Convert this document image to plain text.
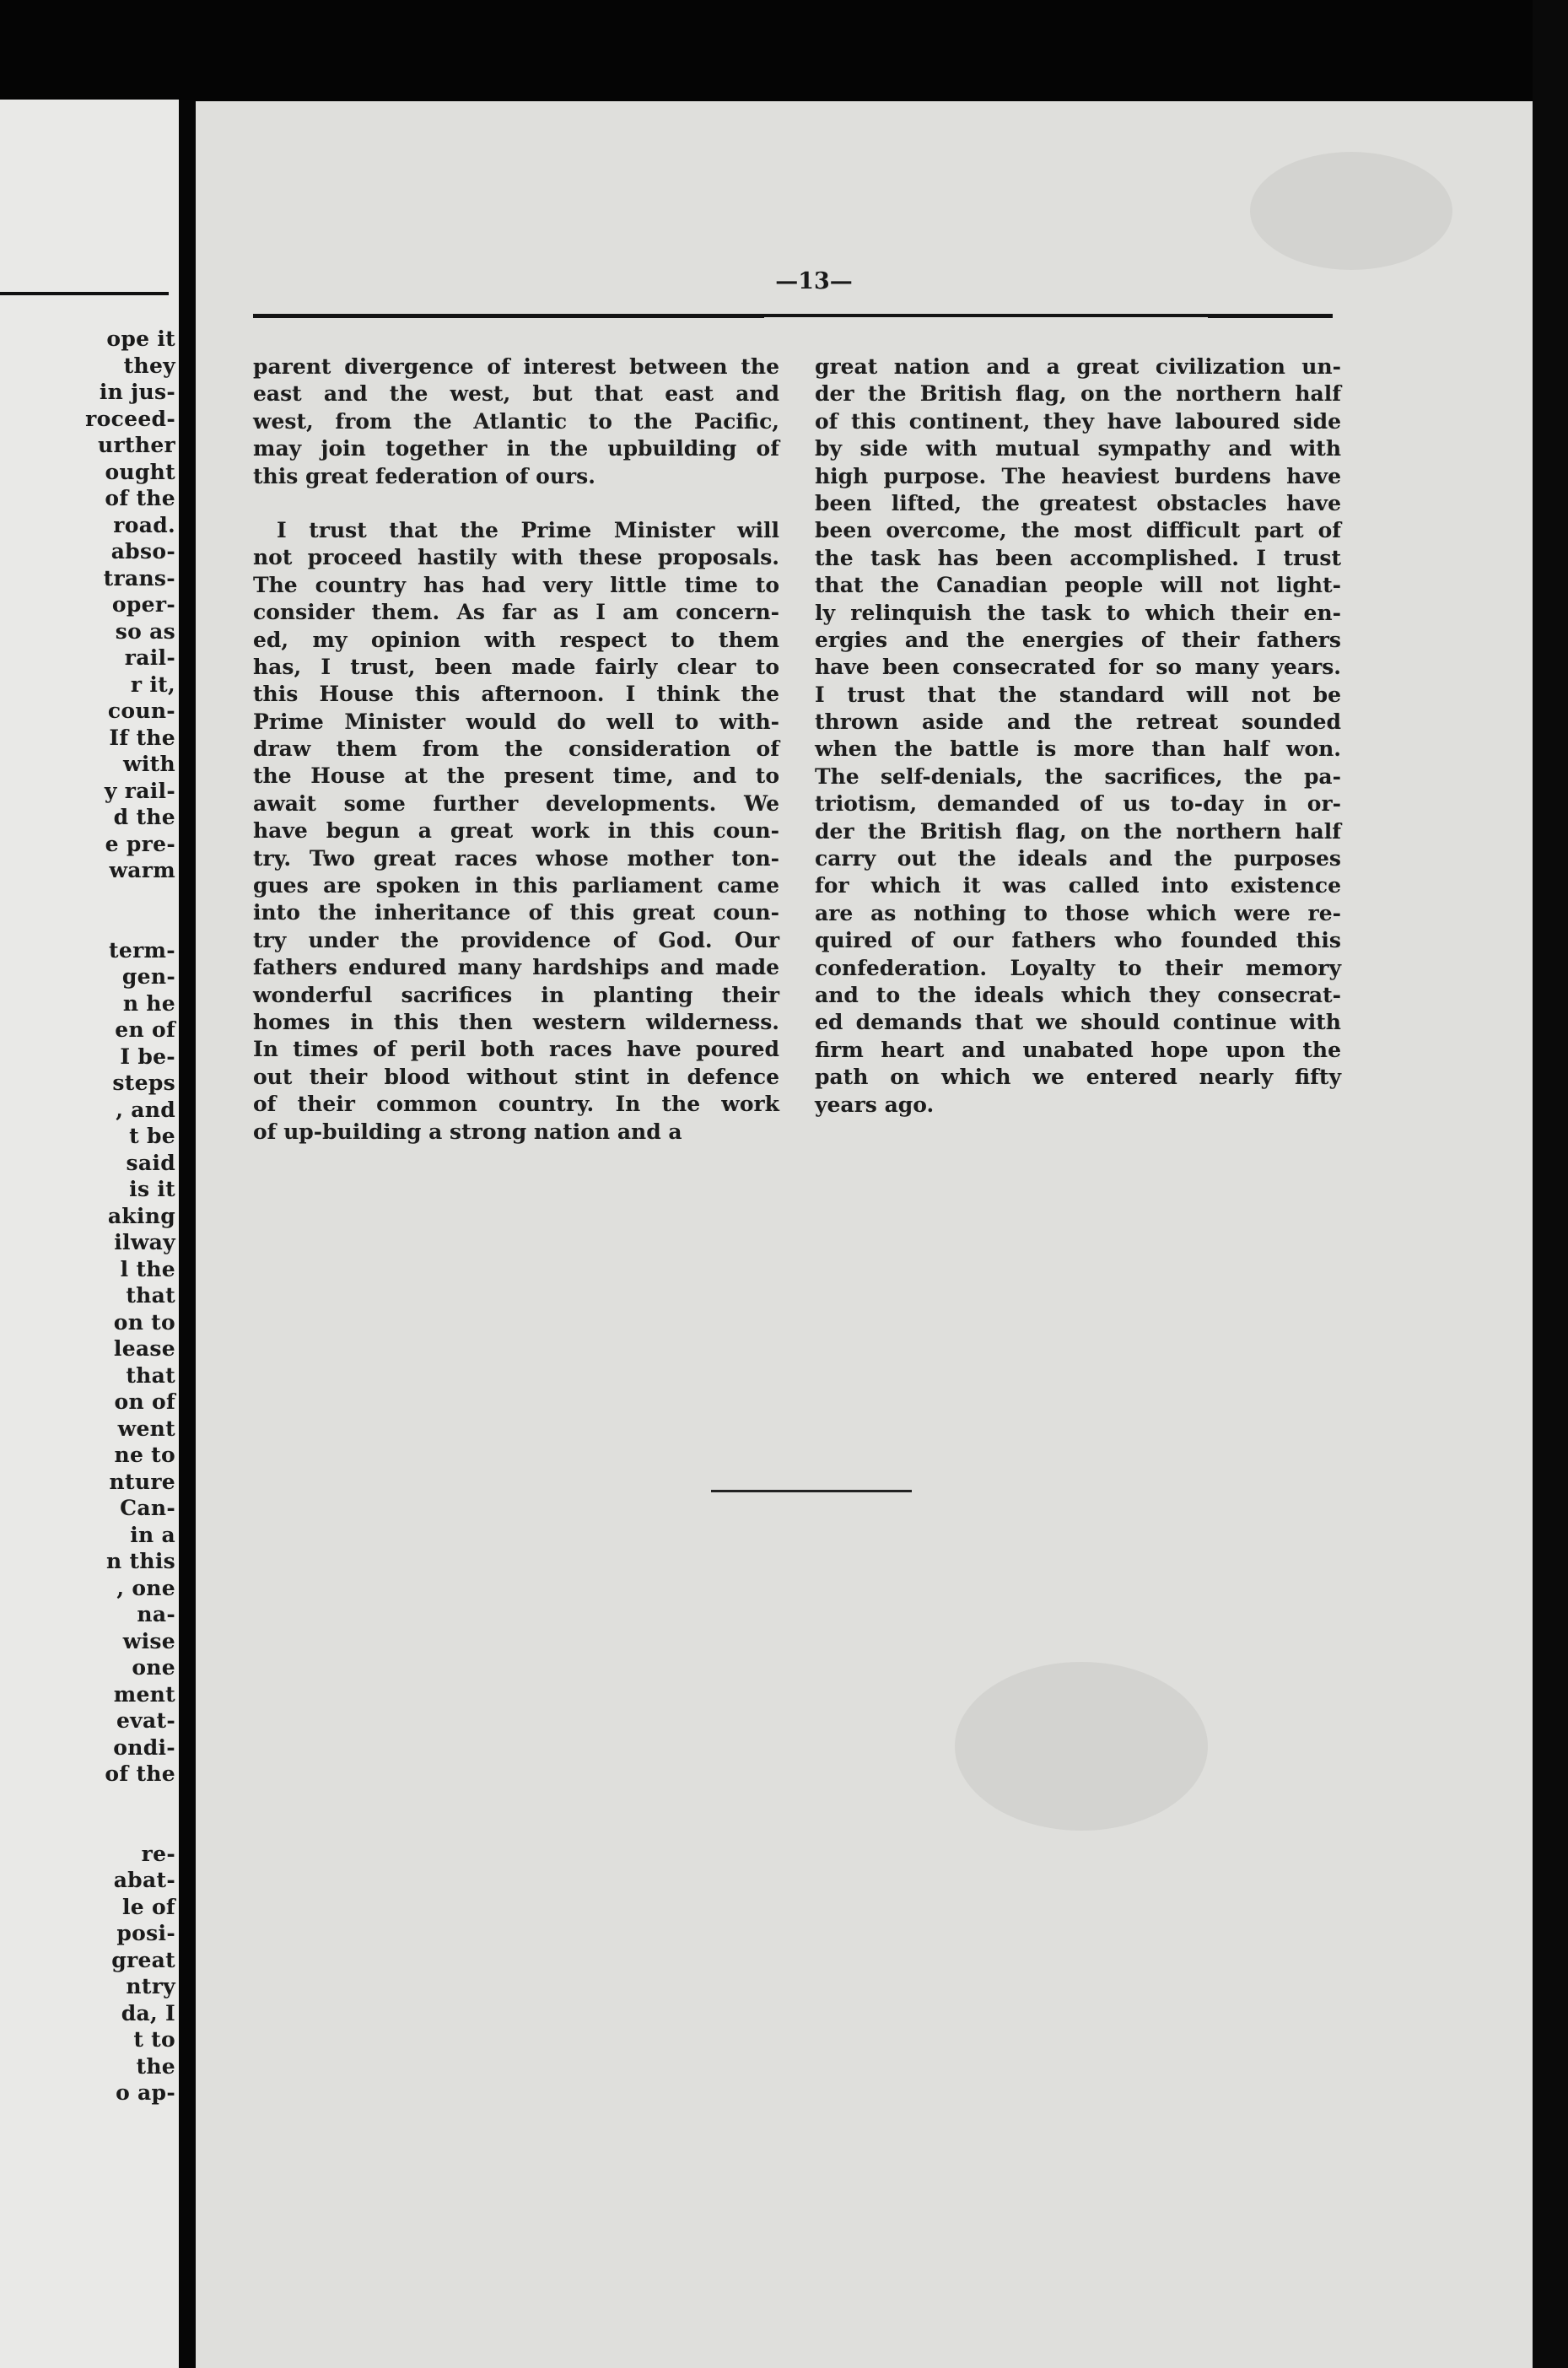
ope it
they
in jus-
roceed-
urther
ought
of the
road.
abso-
trans-
oper-
so as
rail-
r it,
coun-
If the
with
y rail-
d the
e pre-
warm
term-
gen-
n he
en of
I be-
steps
, and
t be
said
is it
aking
ilway
l the
that
on to
lease
that
on of
went
ne to
nture
Can-
in a
n this
, one
na-
wise
one
ment
evat-
ondi-
of the
re-
abat-
le of
posi-
great
ntry
da, I
t to
the
o ap-
—13—
parent divergence of interest between the
east and the west, but that east and
west, from the Atlantic to the Pacific,
may join together in the upbuilding of
this great federation of ours.
I trust that the Prime Minister will
not proceed hastily with these proposals.
The country has had very little time to
consider them. As far as I am concern-
ed, my opinion with respect to them
has, I trust, been made fairly clear to
this House this afternoon. I think the
Prime Minister would do well to with-
draw them from the consideration of
the House at the present time, and to
await some further developments. We
have begun a great work in this coun-
try. Two great races whose mother ton-
gues are spoken in this parliament came
into the inheritance of this great coun-
try under the providence of God. Our
fathers endured many hardships and made
wonderful sacrifices in planting their
homes in this then western wilderness.
In times of peril both races have poured
out their blood without stint in defence
of their common country. In the work
of up-building a strong nation and a
great nation and a great civilization un-
der the British flag, on the northern half
of this continent, they have laboured side
by side with mutual sympathy and with
high purpose. The heaviest burdens have
been lifted, the greatest obstacles have
been overcome, the most difficult part of
the task has been accomplished. I trust
that the Canadian people will not light-
ly relinquish the task to which their en-
ergies and the energies of their fathers
have been consecrated for so many years.
I trust that the standard will not be
thrown aside and the retreat sounded
when the battle is more than half won.
The self-denials, the sacrifices, the pa-
triotism, demanded of us to-day in or-
der the British flag, on the northern half
carry out the ideals and the purposes
for which it was called into existence
are as nothing to those which were re-
quired of our fathers who founded this
confederation. Loyalty to their memory
and to the ideals which they consecrat-
ed demands that we should continue with
firm heart and unabated hope upon the
path on which we entered nearly fifty
years ago.
